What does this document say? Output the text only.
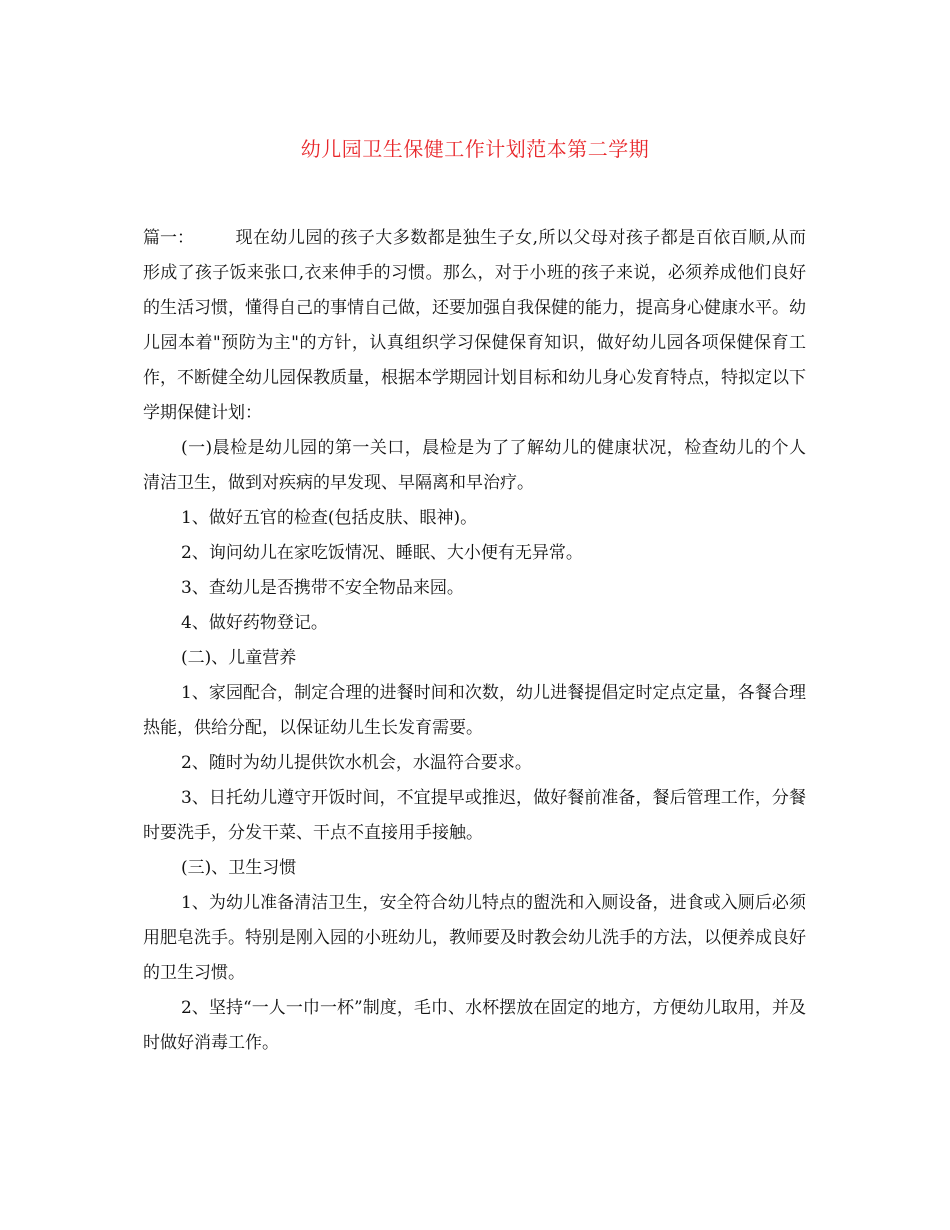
幼儿园卫生保健工作计划范本第二学期

篇一： 现在幼儿园的孩子大多数都是独生子女,所以父母对孩子都是百依百顺,从而形成了孩子饭来张口,衣来伸手的习惯。那么，对于小班的孩子来说，必须养成他们良好的生活习惯，懂得自己的事情自己做，还要加强自我保健的能力，提高身心健康水平。幼儿园本着"预防为主"的方针，认真组织学习保健保育知识，做好幼儿园各项保健保育工作，不断健全幼儿园保教质量，根据本学期园计划目标和幼儿身心发育特点，特拟定以下学期保健计划：

(一)晨检是幼儿园的第一关口，晨检是为了了解幼儿的健康状况，检查幼儿的个人清洁卫生，做到对疾病的早发现、早隔离和早治疗。

1、做好五官的检查(包括皮肤、眼神)。

2、询问幼儿在家吃饭情况、睡眠、大小便有无异常。

3、查幼儿是否携带不安全物品来园。

4、做好药物登记。

(二)、儿童营养

1、家园配合，制定合理的进餐时间和次数，幼儿进餐提倡定时定点定量，各餐合理热能，供给分配，以保证幼儿生长发育需要。

2、随时为幼儿提供饮水机会，水温符合要求。

3、日托幼儿遵守开饭时间，不宜提早或推迟，做好餐前准备，餐后管理工作，分餐时要洗手，分发干菜、干点不直接用手接触。

(三)、卫生习惯

1、为幼儿准备清洁卫生，安全符合幼儿特点的盥洗和入厕设备，进食或入厕后必须用肥皂洗手。特别是刚入园的小班幼儿，教师要及时教会幼儿洗手的方法，以便养成良好的卫生习惯。

2、坚持“一人一巾一杯”制度，毛巾、水杯摆放在固定的地方，方便幼儿取用，并及时做好消毒工作。
